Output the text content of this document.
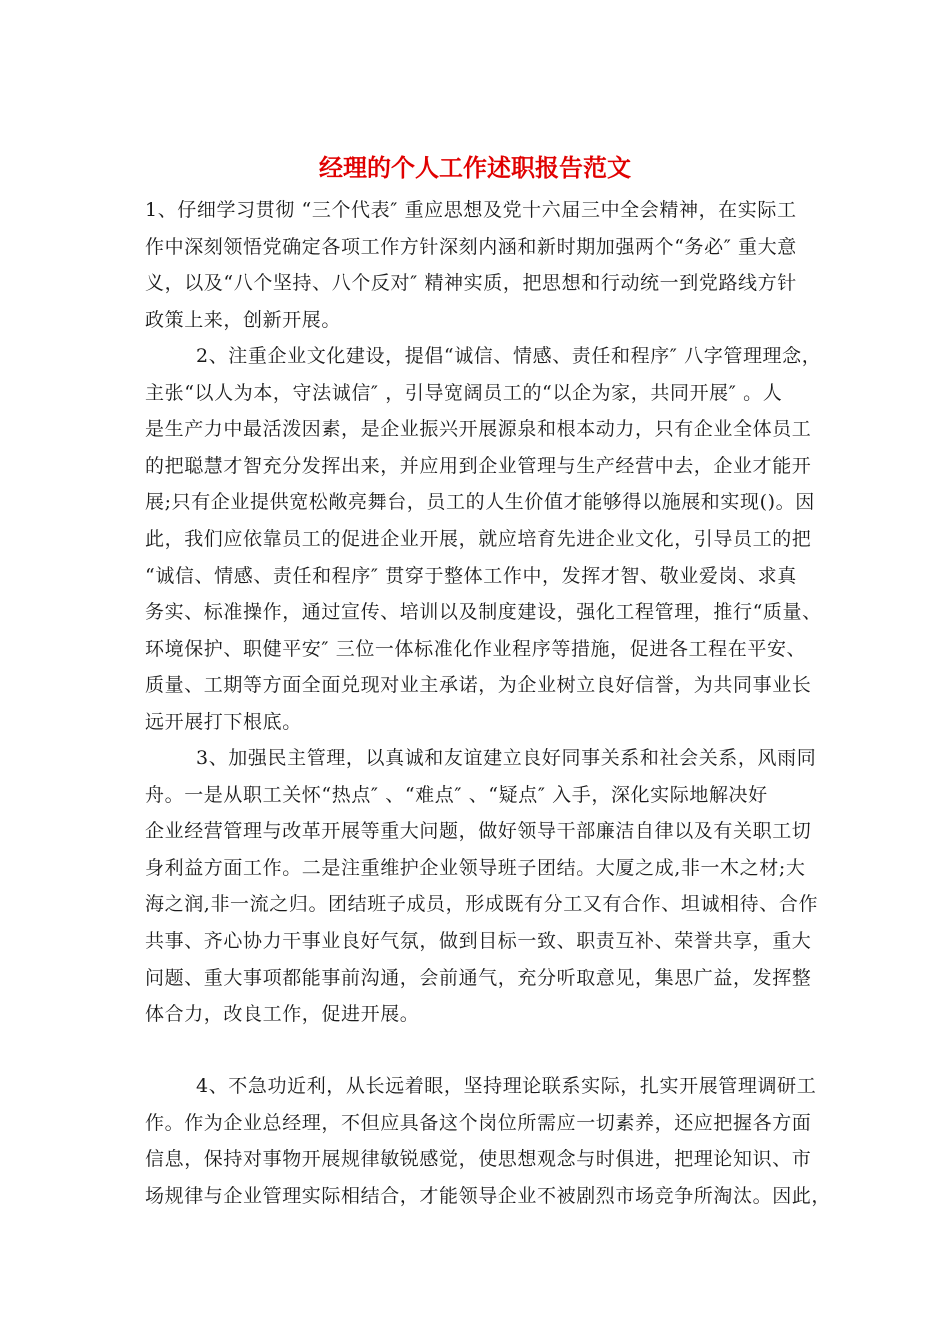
经理的个人工作述职报告范文
1、仔细学习贯彻 “三个代表″ 重应思想及党十六届三中全会精神，在实际工
作中深刻领悟党确定各项工作方针深刻内涵和新时期加强两个“务必″ 重大意
义，以及“八个坚持、八个反对″ 精神实质，把思想和行动统一到党路线方针
政策上来，创新开展。
2、注重企业文化建设，提倡“诚信、情感、责任和程序″ 八字管理理念，
主张“以人为本，守法诚信″ ，引导宽阔员工的“以企为家，共同开展″ 。人
是生产力中最活泼因素，是企业振兴开展源泉和根本动力，只有企业全体员工
的把聪慧才智充分发挥出来，并应用到企业管理与生产经营中去，企业才能开
展;只有企业提供宽松敞亮舞台，员工的人生价值才能够得以施展和实现()。因
此，我们应依靠员工的促进企业开展，就应培育先进企业文化，引导员工的把
“诚信、情感、责任和程序″ 贯穿于整体工作中，发挥才智、敬业爱岗、求真
务实、标准操作，通过宣传、培训以及制度建设，强化工程管理，推行“质量、
环境保护、职健平安″ 三位一体标准化作业程序等措施，促进各工程在平安、
质量、工期等方面全面兑现对业主承诺，为企业树立良好信誉，为共同事业长
远开展打下根底。
3、加强民主管理，以真诚和友谊建立良好同事关系和社会关系，风雨同
舟。一是从职工关怀“热点″ 、“难点″ 、“疑点″ 入手，深化实际地解决好
企业经营管理与改革开展等重大问题，做好领导干部廉洁自律以及有关职工切
身利益方面工作。二是注重维护企业领导班子团结。大厦之成,非一木之材;大
海之润,非一流之归。团结班子成员，形成既有分工又有合作、坦诚相待、合作
共事、齐心协力干事业良好气氛，做到目标一致、职责互补、荣誉共享，重大
问题、重大事项都能事前沟通，会前通气，充分听取意见，集思广益，发挥整
体合力，改良工作，促进开展。
4、不急功近利，从长远着眼，坚持理论联系实际，扎实开展管理调研工
作。作为企业总经理，不但应具备这个岗位所需应一切素养，还应把握各方面
信息，保持对事物开展规律敏锐感觉，使思想观念与时俱进，把理论知识、市
场规律与企业管理实际相结合，才能领导企业不被剧烈市场竞争所淘汰。因此，
